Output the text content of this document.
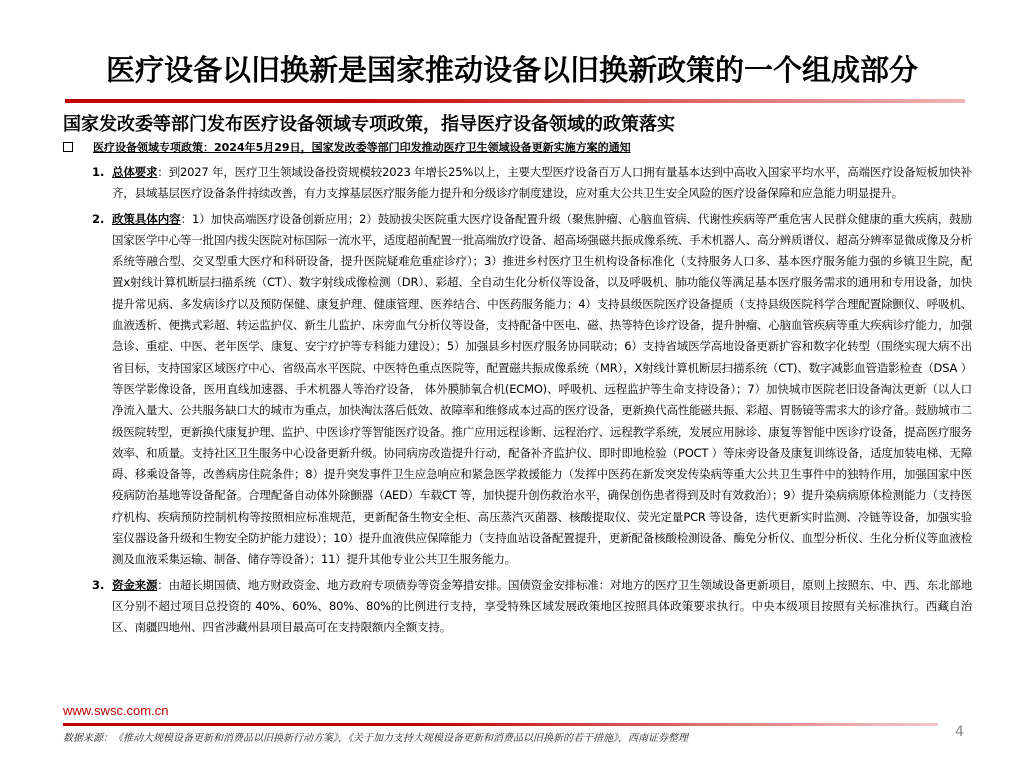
医疗设备以旧换新是国家推动设备以旧换新政策的一个组成部分
国家发改委等部门发布医疗设备领域专项政策，指导医疗设备领域的政策落实
医疗设备领域专项政策：2024年5月29日，国家发改委等部门印发推动医疗卫生领域设备更新实施方案的通知
1. 总体要求：到2027 年，医疗卫生领域设备投资规模较2023 年增长25%以上，主要大型医疗设备百万人口拥有量基本达到中高收入国家平均水平，高端医疗设备短板加快补齐，县域基层医疗设备条件持续改善，有力支撑基层医疗服务能力提升和分级诊疗制度建设，应对重大公共卫生安全风险的医疗设备保障和应急能力明显提升。

2. 政策具体内容：1）加快高端医疗设备创新应用；2）鼓励拔尖医院重大医疗设备配置升级（聚焦肿瘤、心脑血管病、代谢性疾病等严重危害人民群众健康的重大疾病，鼓励国家医学中心等一批国内拔尖医院对标国际一流水平，适度超前配置一批高端放疗设备、超高场强磁共振成像系统、手术机器人、高分辨质谱仪、超高分辨率显微成像及分析系统等融合型、交叉型重大医疗和科研设备，提升医院疑难危重症诊疗）；3）推进乡村医疗卫生机构设备标准化（支持服务人口多、基本医疗服务能力强的乡镇卫生院，配置x射线计算机断层扫描系统（CT）、数字射线成像检测（DR）、彩超、全自动生化分析仪等设备，以及呼吸机、肺功能仪等满足基本医疗服务需求的通用和专用设备，加快提升常见病、多发病诊疗以及预防保健、康复护理、健康管理、医养结合、中医药服务能力；4）支持县级医院医疗设备提质（支持县级医院科学合理配置除颤仪、呼吸机、血液透析、便携式彩超、转运监护仪、新生儿监护、床旁血气分析仪等设备，支持配备中医电、磁、热等特色诊疗设备，提升肿瘤、心脑血管疾病等重大疾病诊疗能力，加强急诊、重症、中医、老年医学、康复、安宁疗护等专科能力建设）；5）加强县乡村医疗服务协同联动；6）支持省域医学高地设备更新扩容和数字化转型（围绕实现大病不出省目标，支持国家区域医疗中心、省级高水平医院、中医特色重点医院等，配置磁共振成像系统（MR），X射线计算机断层扫描系统（CT)、数字减影血管造影检查（DSA ）等医学影像设备，医用直线加速器、手术机器人等治疗设备， 体外膜肺氧合机(ECMO)、呼吸机、远程监护等生命支持设备）；7）加快城市医院老旧设备淘汰更新（以人口净流入量大、公共服务缺口大的城市为重点，加快淘汰落后低效、故障率和维修成本过高的医疗设备，更新换代高性能磁共振、彩超、胃肠镜等需求大的诊疗备。鼓励城市二级医院转型，更新换代康复护理、监护、中医诊疗等智能医疗设备。推广应用远程诊断、远程治疗、远程教学系统，发展应用脉诊、康复等智能中医诊疗设备，提高医疗服务效率、和质量。支持社区卫生服务中心设备更新升级。协同病房改造提升行动，配备补齐监护仪、即时即地检验（POCT ）等床旁设备及康复训练设备，适度加装电梯、无障碍、移乘设备等，改善病房住院条件；8）提升突发事件卫生应急响应和紧急医学救援能力（发挥中医药在新发突发传染病等重大公共卫生事件中的独特作用，加强国家中医疫病防治基地等设备配备。合理配备自动体外除颤器（AED）车载CT 等，加快提升创伤救治水平，确保创伤患者得到及时有效救治）；9）提升染病病原体检测能力（支持医疗机构、疾病预防控制机构等按照相应标准规范，更新配备生物安全柜、高压蒸汽灭菌器、核酸提取仪、荧光定量PCR 等设备，迭代更新实时监测、冷链等设备，加强实验室仪器设备升级和生物安全防护能力建设）；10）提升血液供应保障能力（支持血站设备配置提升，更新配备核酸检测设备、酶免分析仪、血型分析仪、生化分析仪等血液检测及血液采集运输、制备、储存等设备）；11）提升其他专业公共卫生服务能力。

3. 资金来源：由超长期国债、地方财政资金、地方政府专项债券等资金筹措安排。国债资金安排标准：对地方的医疗卫生领域设备更新项目，原则上按照东、中、西、东北部地区分别不超过项目总投资的 40%、60%、80%、80%的比例进行支持，享受特殊区域发展政策地区按照具体政策要求执行。中央本级项目按照有关标准执行。西藏自治区、南疆四地州、四省涉藏州县项目最高可在支持限额内全额支持。

www.swsc.com.cn
数据来源：《推动大规模设备更新和消费品以旧换新行动方案》，《关于加力支持大规模设备更新和消费品以旧换新的若干措施》，西南证券整理	4
